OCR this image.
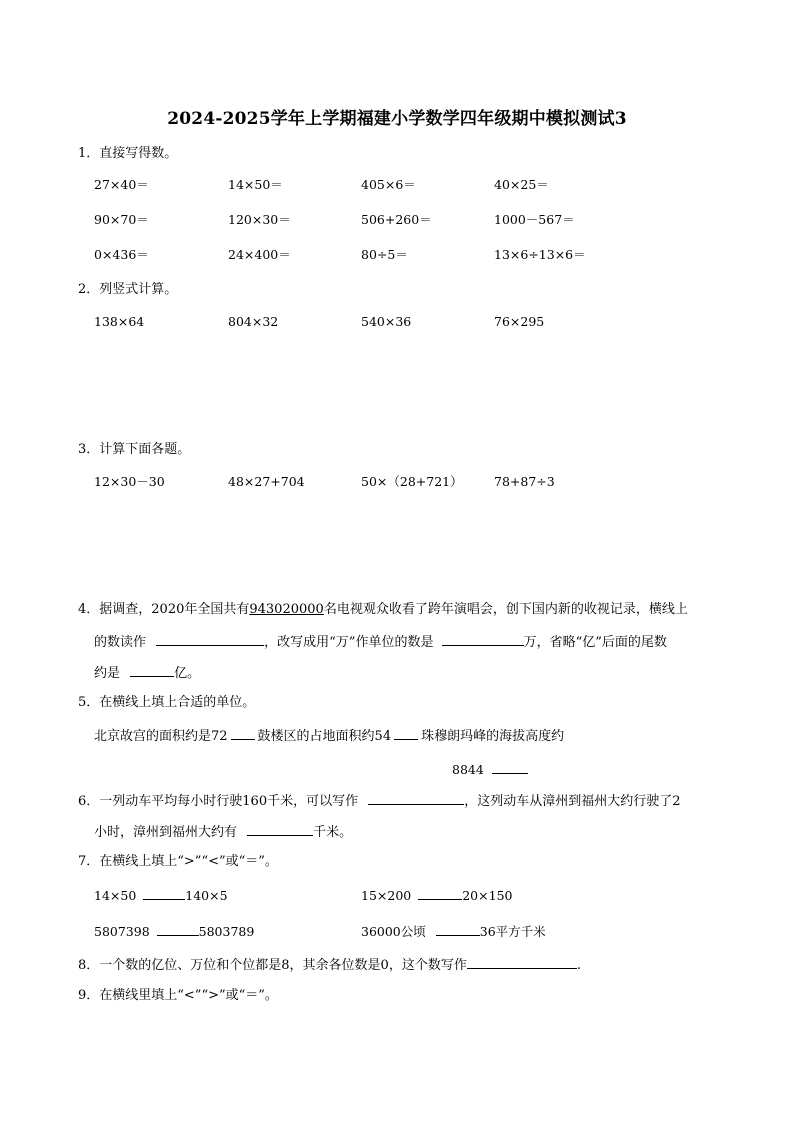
2024-2025学年上学期福建小学数学四年级期中模拟测试3
1．直接写得数。
27×40＝	14×50＝	405×6＝	40×25＝
90×70＝	120×30＝	506+260＝	1000－567＝
0×436＝	24×400＝	80÷5＝	13×6÷13×6＝
2．列竖式计算。
138×64	804×32	540×36	76×295
3．计算下面各题。
12×30－30	48×27+704	50×（28+721）	78+87÷3
4．据调查，2020年全国共有943020000名电视观众收看了跨年演唱会，创下国内新的收视记录，横线上
的数读作	，改写成用“万”作单位的数是	万，省略“亿”后面的尾数
约是	亿。
5．在横线上填上合适的单位。
北京故宫的面积约是72 鼓楼区的占地面积约54 珠穆朗玛峰的海拔高度约
8844
6．一列动车平均每小时行驶160千米，可以写作	，这列动车从漳州到福州大约行驶了2
小时，漳州到福州大约有	千米。
7．在横线上填上“>”“<”或“＝”。
14×50	140×5	15×200	20×150
5807398	5803789	36000公顷	36平方千米
8．一个数的亿位、万位和个位都是8，其余各位数是0，这个数写作	.
9．在横线里填上“<”“>”或“＝”。
